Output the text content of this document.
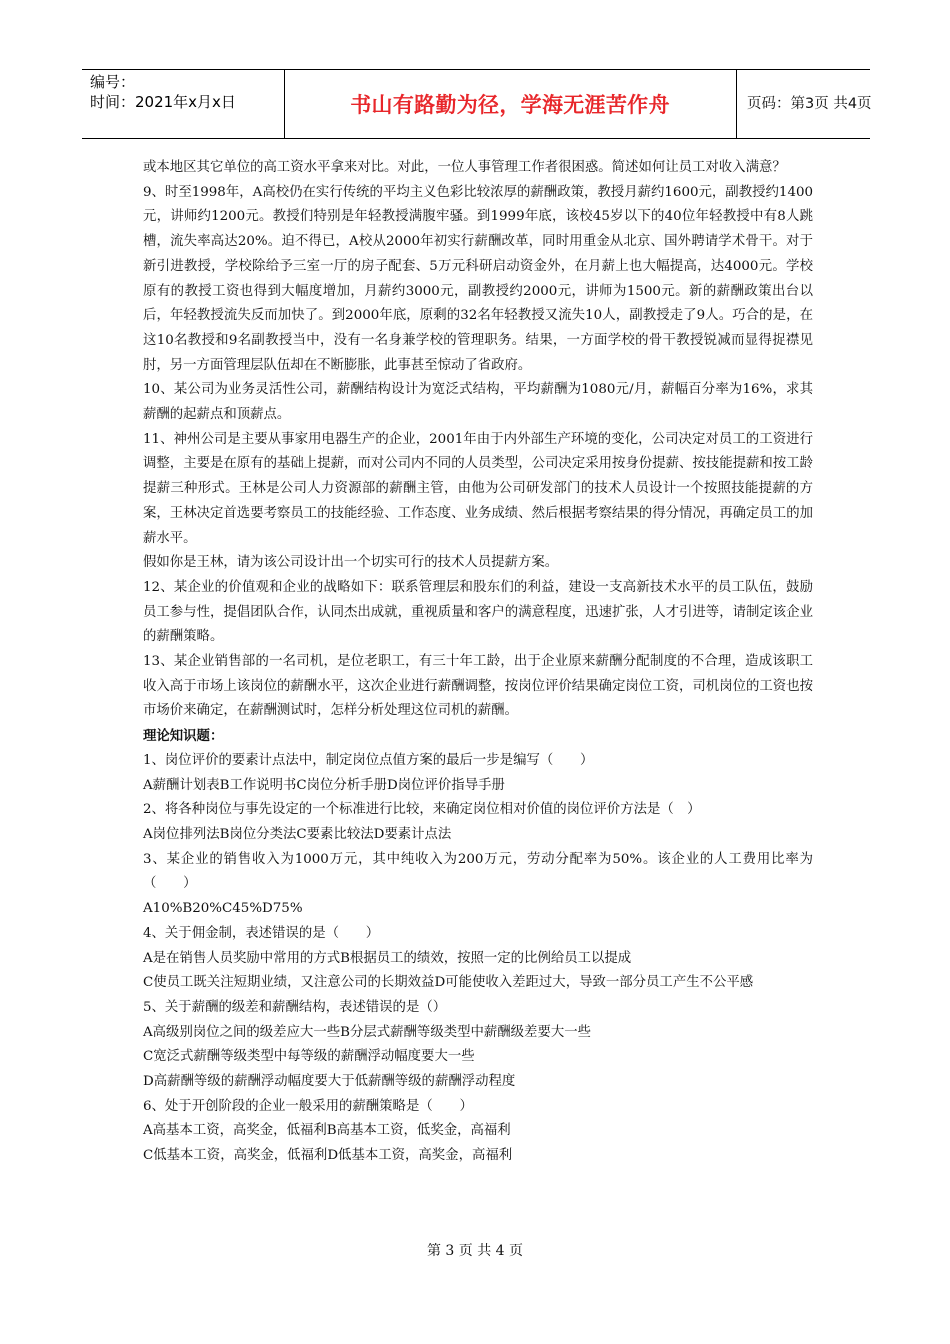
编号：
时间：2021年x月x日	书山有路勤为径，学海无涯苦作舟	页码：第3页 共4页

或本地区其它单位的高工资水平拿来对比。对此，一位人事管理工作者很困惑。简述如何让员工对收入满意？

9、时至1998年，A高校仍在实行传统的平均主义色彩比较浓厚的薪酬政策，教授月薪约1600元，副教授约1400元，讲师约1200元。教授们特别是年轻教授满腹牢骚。到1999年底，该校45岁以下的40位年轻教授中有8人跳槽，流失率高达20%。迫不得已，A校从2000年初实行薪酬改革，同时用重金从北京、国外聘请学术骨干。对于新引进教授，学校除给予三室一厅的房子配套、5万元科研启动资金外，在月薪上也大幅提高，达4000元。学校原有的教授工资也得到大幅度增加，月薪约3000元，副教授约2000元，讲师为1500元。新的薪酬政策出台以后，年轻教授流失反而加快了。到2000年底，原剩的32名年轻教授又流失10人，副教授走了9人。巧合的是，在这10名教授和9名副教授当中，没有一名身兼学校的管理职务。结果，一方面学校的骨干教授锐减而显得捉襟见肘，另一方面管理层队伍却在不断膨胀，此事甚至惊动了省政府。

10、某公司为业务灵活性公司，薪酬结构设计为宽泛式结构，平均薪酬为1080元/月，薪幅百分率为16%，求其薪酬的起薪点和顶薪点。

11、神州公司是主要从事家用电器生产的企业，2001年由于内外部生产环境的变化，公司决定对员工的工资进行调整，主要是在原有的基础上提薪，而对公司内不同的人员类型，公司决定采用按身份提薪、按技能提薪和按工龄提薪三种形式。王林是公司人力资源部的薪酬主管，由他为公司研发部门的技术人员设计一个按照技能提薪的方案，王林决定首选要考察员工的技能经验、工作态度、业务成绩、然后根据考察结果的得分情况，再确定员工的加薪水平。

假如你是王林，请为该公司设计出一个切实可行的技术人员提薪方案。

12、某企业的价值观和企业的战略如下：联系管理层和股东们的利益，建设一支高新技术水平的员工队伍，鼓励员工参与性，提倡团队合作，认同杰出成就，重视质量和客户的满意程度，迅速扩张，人才引进等，请制定该企业的薪酬策略。

13、某企业销售部的一名司机，是位老职工，有三十年工龄，出于企业原来薪酬分配制度的不合理，造成该职工收入高于市场上该岗位的薪酬水平，这次企业进行薪酬调整，按岗位评价结果确定岗位工资，司机岗位的工资也按市场价来确定，在薪酬测试时，怎样分析处理这位司机的薪酬。

理论知识题：

1、岗位评价的要素计点法中，制定岗位点值方案的最后一步是编写（　　）

A薪酬计划表B工作说明书C岗位分析手册D岗位评价指导手册

2、将各种岗位与事先设定的一个标准进行比较，来确定岗位相对价值的岗位评价方法是（　）

A岗位排列法B岗位分类法C要素比较法D要素计点法

3、某企业的销售收入为1000万元，其中纯收入为200万元，劳动分配率为50%。该企业的人工费用比率为（　　）

A10%B20%C45%D75%

4、关于佣金制，表述错误的是（　　）

A是在销售人员奖励中常用的方式B根据员工的绩效，按照一定的比例给员工以提成

C使员工既关注短期业绩，又注意公司的长期效益D可能使收入差距过大，导致一部分员工产生不公平感

5、关于薪酬的级差和薪酬结构，表述错误的是（）

A高级别岗位之间的级差应大一些B分层式薪酬等级类型中薪酬级差要大一些

C宽泛式薪酬等级类型中每等级的薪酬浮动幅度要大一些

D高薪酬等级的薪酬浮动幅度要大于低薪酬等级的薪酬浮动程度

6、处于开创阶段的企业一般采用的薪酬策略是（　　）

A高基本工资，高奖金，低福利B高基本工资，低奖金，高福利

C低基本工资，高奖金，低福利D低基本工资，高奖金，高福利

第 3 页 共 4 页
